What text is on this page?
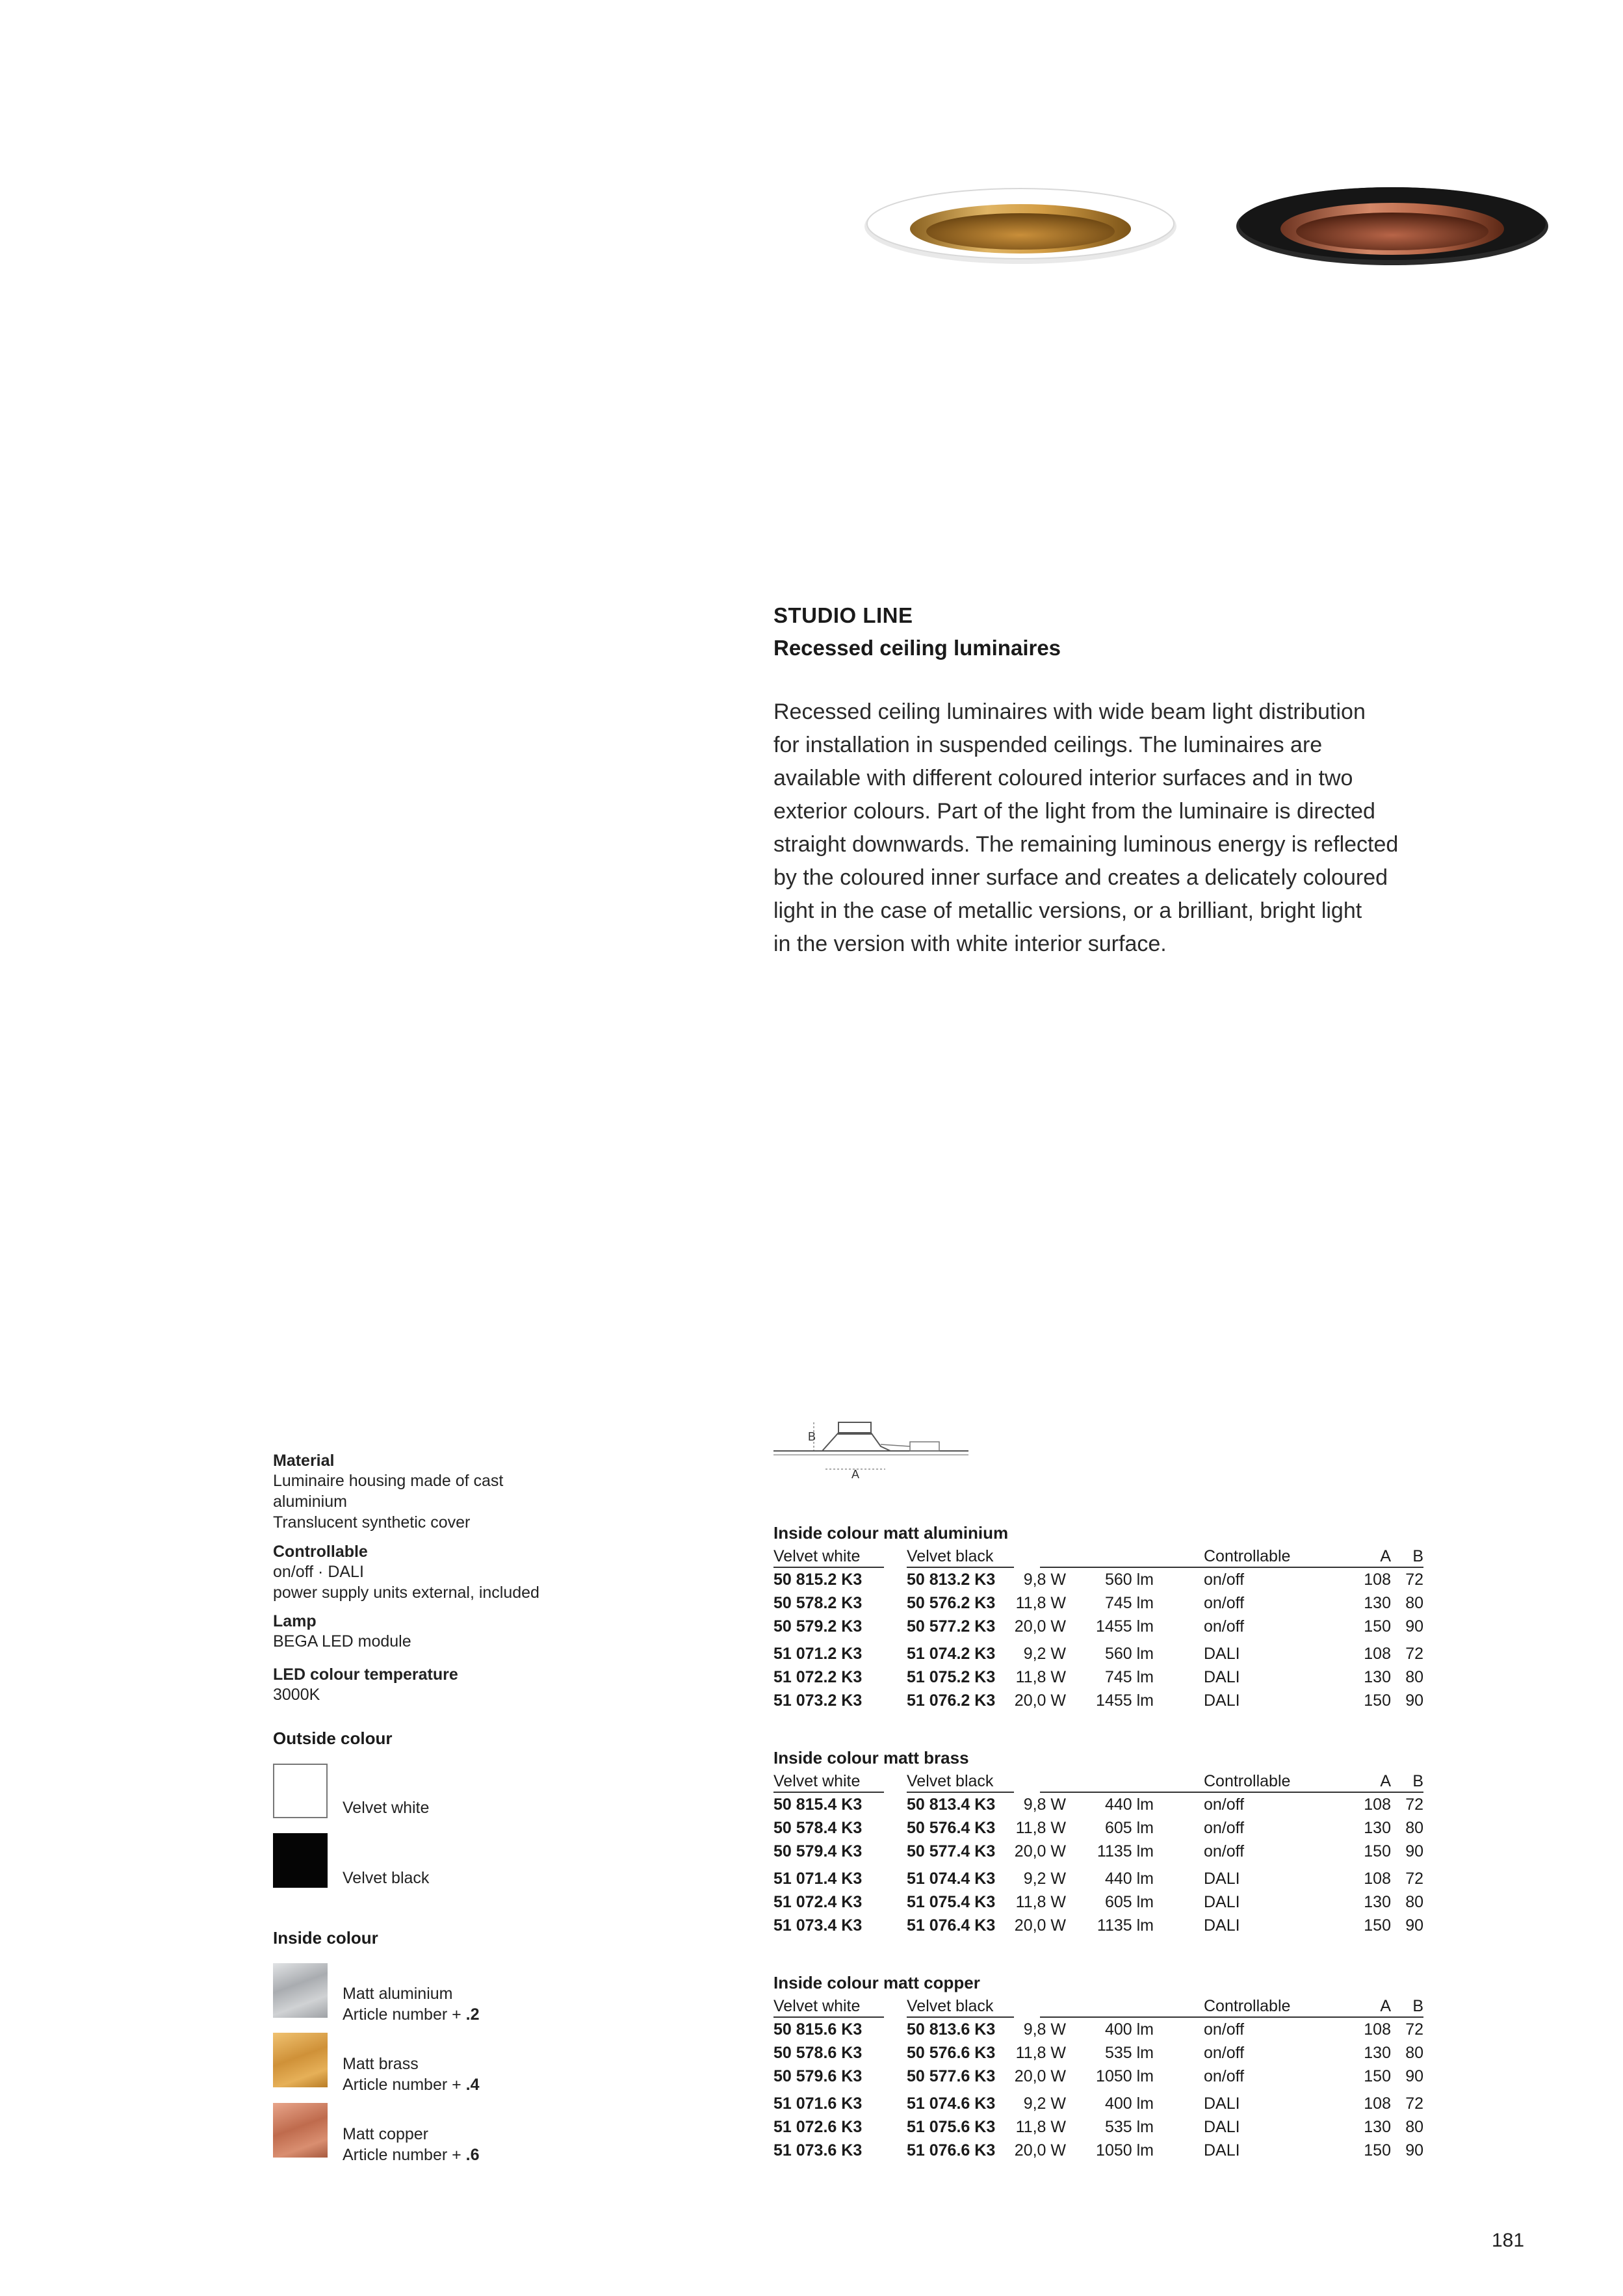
STUDIO LINE
Recessed ceiling luminaires
Recessed ceiling luminaires with wide beam light distribution
for installation in suspended ceilings. The luminaires are
available with different coloured interior surfaces and in two
exterior colours. Part of the light from the luminaire is directed
straight downwards. The remaining luminous energy is reflected
by the coloured inner surface and creates a delicately coloured
light in the case of metallic versions, or a brilliant, bright light
in the version with white interior surface.
Material
Luminaire housing made of cast
aluminium
Translucent synthetic cover
Controllable
on/off · DALI
power supply units external, included
Lamp
BEGA LED module
LED colour temperature
3000K
Outside colour
Velvet white
Velvet black
Inside colour
Matt aluminium
Article number + .2
Matt brass
Article number + .4
Matt copper
Article number + .6
B
A
Inside colour matt aluminium
Velvet white	Velvet black	Controllable	A	B
50 815.2 K3	50 813.2 K3	9,8 W	560 lm	on/off	108 72
50 578.2 K3	50 576.2 K3	11,8 W	745 lm	on/off	130 80
50 579.2 K3	50 577.2 K3	20,0 W	1455 lm	on/off	150 90
51 071.2 K3	51 074.2 K3	9,2 W	560 lm	DALI	108 72
51 072.2 K3	51 075.2 K3	11,8 W	745 lm	DALI	130 80
51 073.2 K3	51 076.2 K3	20,0 W	1455 lm	DALI	150 90
Inside colour matt brass
Velvet white	Velvet black	Controllable	A	B
50 815.4 K3	50 813.4 K3	9,8 W	440 lm	on/off	108 72
50 578.4 K3	50 576.4 K3	11,8 W	605 lm	on/off	130 80
50 579.4 K3	50 577.4 K3	20,0 W	1135 lm	on/off	150 90
51 071.4 K3	51 074.4 K3	9,2 W	440 lm	DALI	108 72
51 072.4 K3	51 075.4 K3	11,8 W	605 lm	DALI	130 80
51 073.4 K3	51 076.4 K3	20,0 W	1135 lm	DALI	150 90
Inside colour matt copper
Velvet white	Velvet black	Controllable	A	B
50 815.6 K3	50 813.6 K3	9,8 W	400 lm	on/off	108 72
50 578.6 K3	50 576.6 K3	11,8 W	535 lm	on/off	130 80
50 579.6 K3	50 577.6 K3	20,0 W	1050 lm	on/off	150 90
51 071.6 K3	51 074.6 K3	9,2 W	400 lm	DALI	108 72
51 072.6 K3	51 075.6 K3	11,8 W	535 lm	DALI	130 80
51 073.6 K3	51 076.6 K3	20,0 W	1050 lm	DALI	150 90
181
